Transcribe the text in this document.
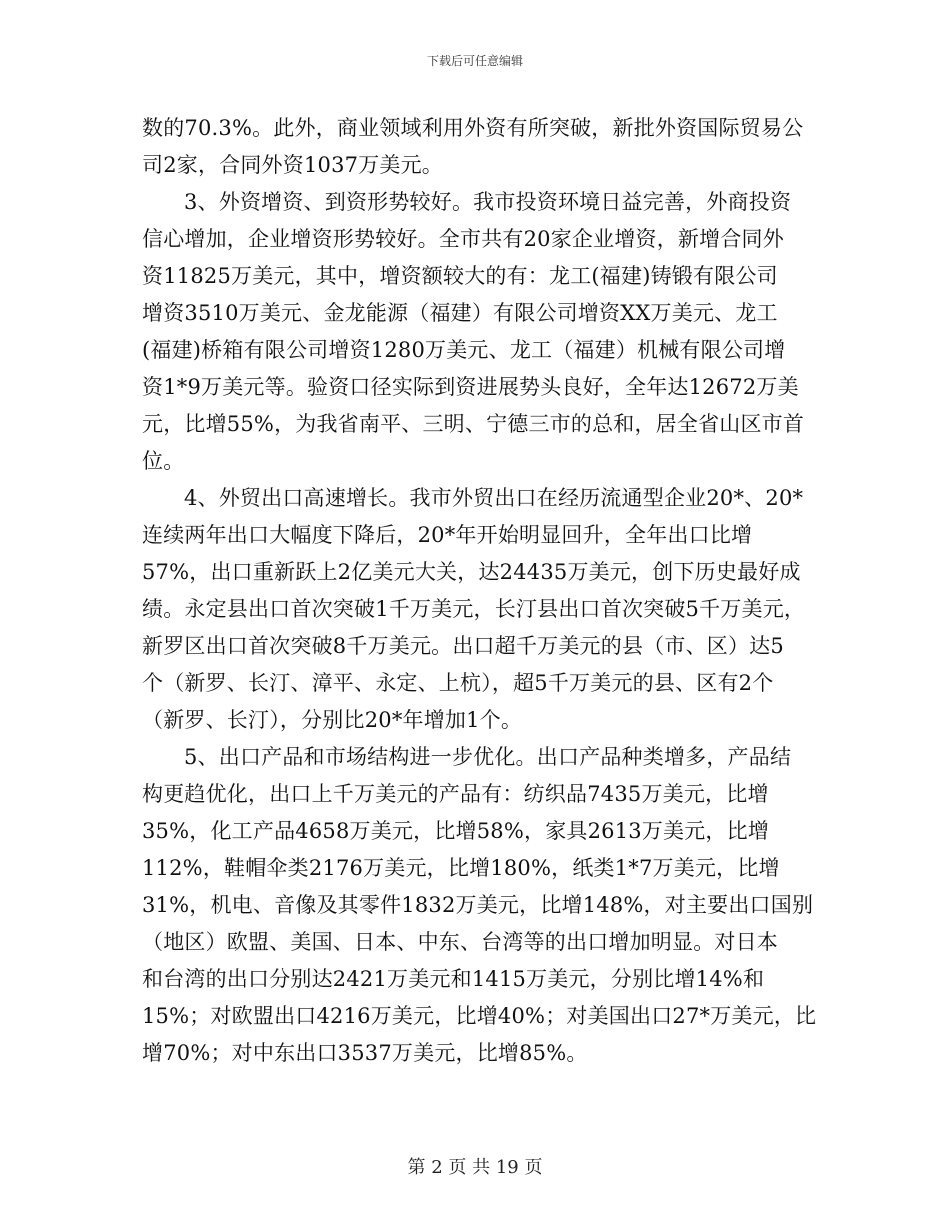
下载后可任意编辑
数的70.3%。此外，商业领域利用外资有所突破，新批外资国际贸易公
司2家，合同外资1037万美元。
3、外资增资、到资形势较好。我市投资环境日益完善，外商投资
信心增加，企业增资形势较好。全市共有20家企业增资，新增合同外
资11825万美元，其中，增资额较大的有：龙工(福建)铸锻有限公司
增资3510万美元、金龙能源（福建）有限公司增资XX万美元、龙工
(福建)桥箱有限公司增资1280万美元、龙工（福建）机械有限公司增
资1*9万美元等。验资口径实际到资进展势头良好，全年达12672万美
元，比增55%，为我省南平、三明、宁德三市的总和，居全省山区市首
位。
4、外贸出口高速增长。我市外贸出口在经历流通型企业20*、20*
连续两年出口大幅度下降后，20*年开始明显回升，全年出口比增
57%，出口重新跃上2亿美元大关，达24435万美元，创下历史最好成
绩。永定县出口首次突破1千万美元，长汀县出口首次突破5千万美元，
新罗区出口首次突破8千万美元。出口超千万美元的县（市、区）达5
个（新罗、长汀、漳平、永定、上杭），超5千万美元的县、区有2个
（新罗、长汀），分别比20*年增加1个。
5、出口产品和市场结构进一步优化。出口产品种类增多，产品结
构更趋优化，出口上千万美元的产品有：纺织品7435万美元，比增
35%，化工产品4658万美元，比增58%，家具2613万美元，比增
112%，鞋帽伞类2176万美元，比增180%，纸类1*7万美元，比增
31%，机电、音像及其零件1832万美元，比增148%，对主要出口国别
（地区）欧盟、美国、日本、中东、台湾等的出口增加明显。对日本
和台湾的出口分别达2421万美元和1415万美元，分别比增14%和
15%；对欧盟出口4216万美元，比增40%；对美国出口27*万美元，比
增70%；对中东出口3537万美元，比增85%。
第 2 页 共 19 页
